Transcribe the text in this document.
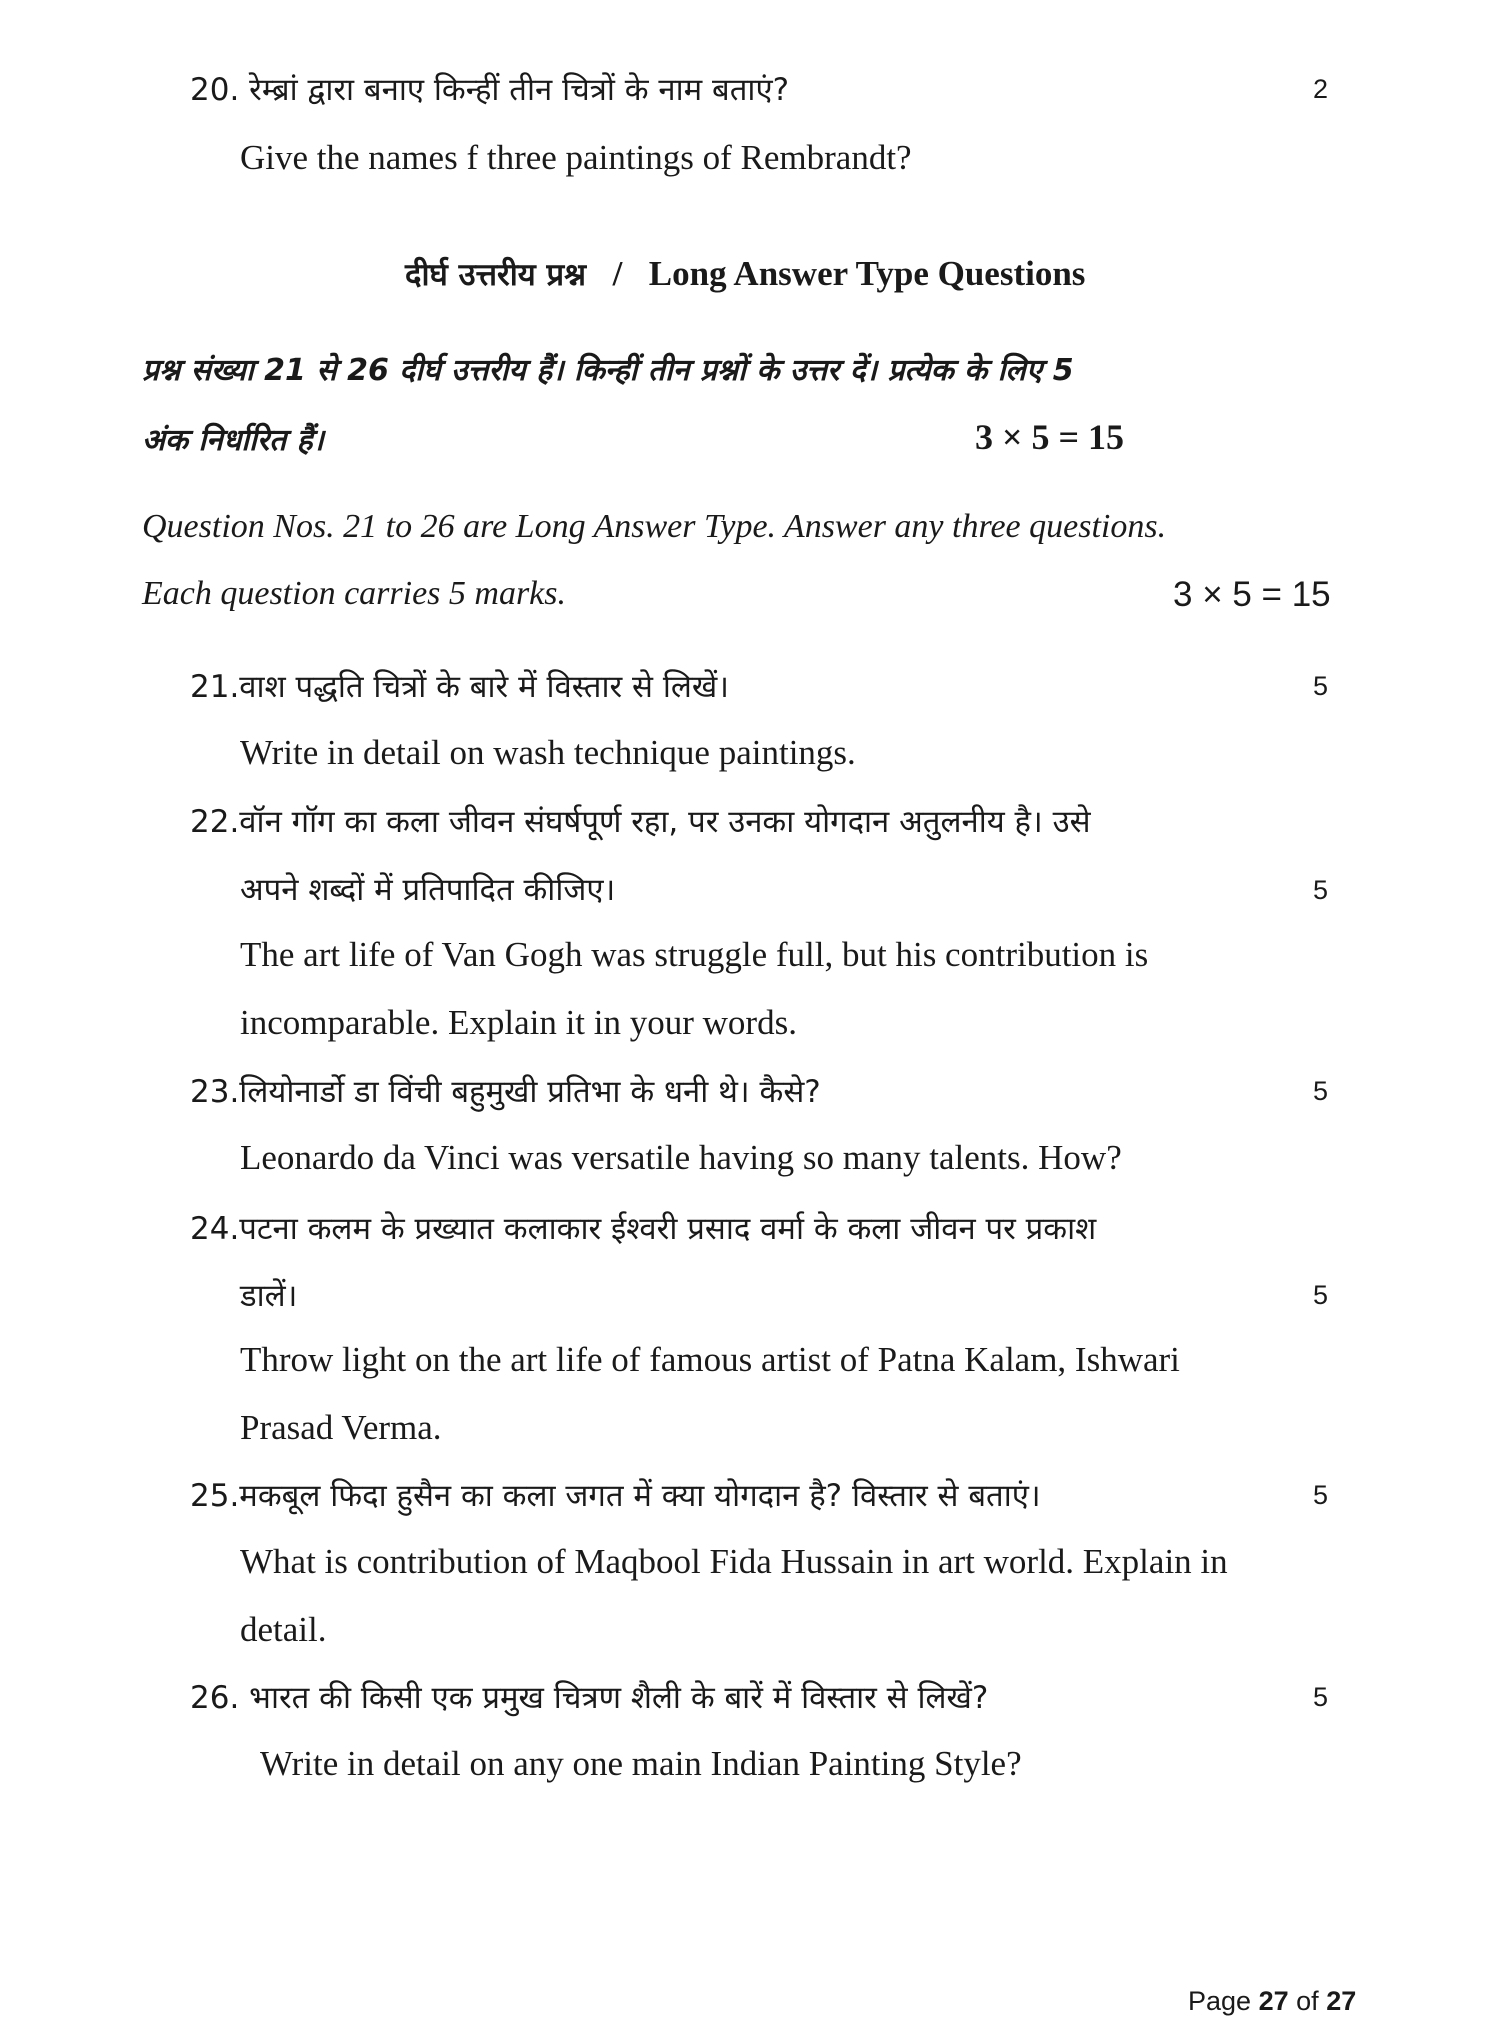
20. रेम्ब्रां द्वारा बनाए किन्हीं तीन चित्रों के नाम बताएं?	2
Give the names f three paintings of Rembrandt?
दीर्घ उत्तरीय प्रश्न / Long Answer Type Questions
प्रश्न संख्या 21 से 26 दीर्घ उत्तरीय हैं। किन्हीं तीन प्रश्नों के उत्तर दें। प्रत्येक के लिए 5
अंक निर्धारित हैं।	3 × 5 = 15
Question Nos. 21 to 26 are Long Answer Type. Answer any three questions.
Each question carries 5 marks.	3 × 5 = 15
21.वाश पद्धति चित्रों के बारे में विस्तार से लिखें।	5
Write in detail on wash technique paintings.
22.वॉन गॉग का कला जीवन संघर्षपूर्ण रहा, पर उनका योगदान अतुलनीय है। उसे
अपने शब्दों में प्रतिपादित कीजिए।	5
The art life of Van Gogh was struggle full, but his contribution is
incomparable. Explain it in your words.
23.लियोनार्डो डा विंची बहुमुखी प्रतिभा के धनी थे। कैसे?	5
Leonardo da Vinci was versatile having so many talents. How?
24.पटना कलम के प्रख्यात कलाकार ईश्वरी प्रसाद वर्मा के कला जीवन पर प्रकाश
डालें।	5
Throw light on the art life of famous artist of Patna Kalam, Ishwari
Prasad Verma.
25.मकबूल फिदा हुसैन का कला जगत में क्या योगदान है? विस्तार से बताएं।	5
What is contribution of Maqbool Fida Hussain in art world. Explain in
detail.
26. भारत की किसी एक प्रमुख चित्रण शैली के बारें में विस्तार से लिखें?	5
Write in detail on any one main Indian Painting Style?
Page 27 of 27
